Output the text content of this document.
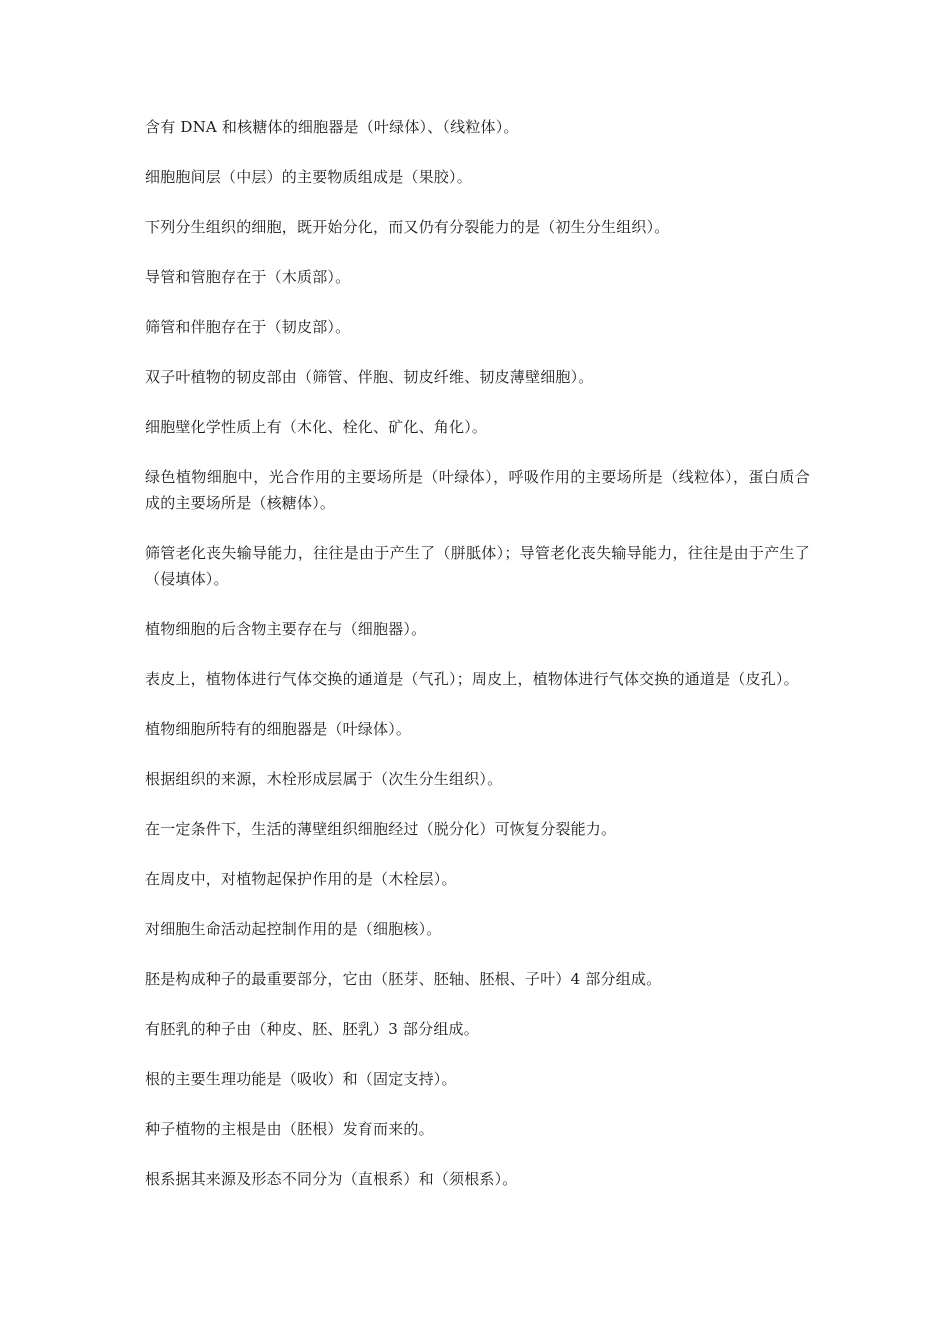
含有 DNA 和核糖体的细胞器是（叶绿体）、（线粒体）。

细胞胞间层（中层）的主要物质组成是（果胶）。

下列分生组织的细胞，既开始分化，而又仍有分裂能力的是（初生分生组织）。

导管和管胞存在于（木质部）。

筛管和伴胞存在于（韧皮部）。

双子叶植物的韧皮部由（筛管、伴胞、韧皮纤维、韧皮薄壁细胞）。

细胞壁化学性质上有（木化、栓化、矿化、角化）。

绿色植物细胞中，光合作用的主要场所是（叶绿体），呼吸作用的主要场所是（线粒体），蛋白质合成的主要场所是（核糖体）。

筛管老化丧失输导能力，往往是由于产生了（胼胝体）；导管老化丧失输导能力，往往是由于产生了（侵填体）。

植物细胞的后含物主要存在与（细胞器）。

表皮上，植物体进行气体交换的通道是（气孔）；周皮上，植物体进行气体交换的通道是（皮孔）。

植物细胞所特有的细胞器是（叶绿体）。

根据组织的来源，木栓形成层属于（次生分生组织）。

在一定条件下，生活的薄壁组织细胞经过（脱分化）可恢复分裂能力。

在周皮中，对植物起保护作用的是（木栓层）。

对细胞生命活动起控制作用的是（细胞核）。

胚是构成种子的最重要部分，它由（胚芽、胚轴、胚根、子叶）4 部分组成。

有胚乳的种子由（种皮、胚、胚乳）3 部分组成。

根的主要生理功能是（吸收）和（固定支持）。

种子植物的主根是由（胚根）发育而来的。

根系据其来源及形态不同分为（直根系）和（须根系）。
